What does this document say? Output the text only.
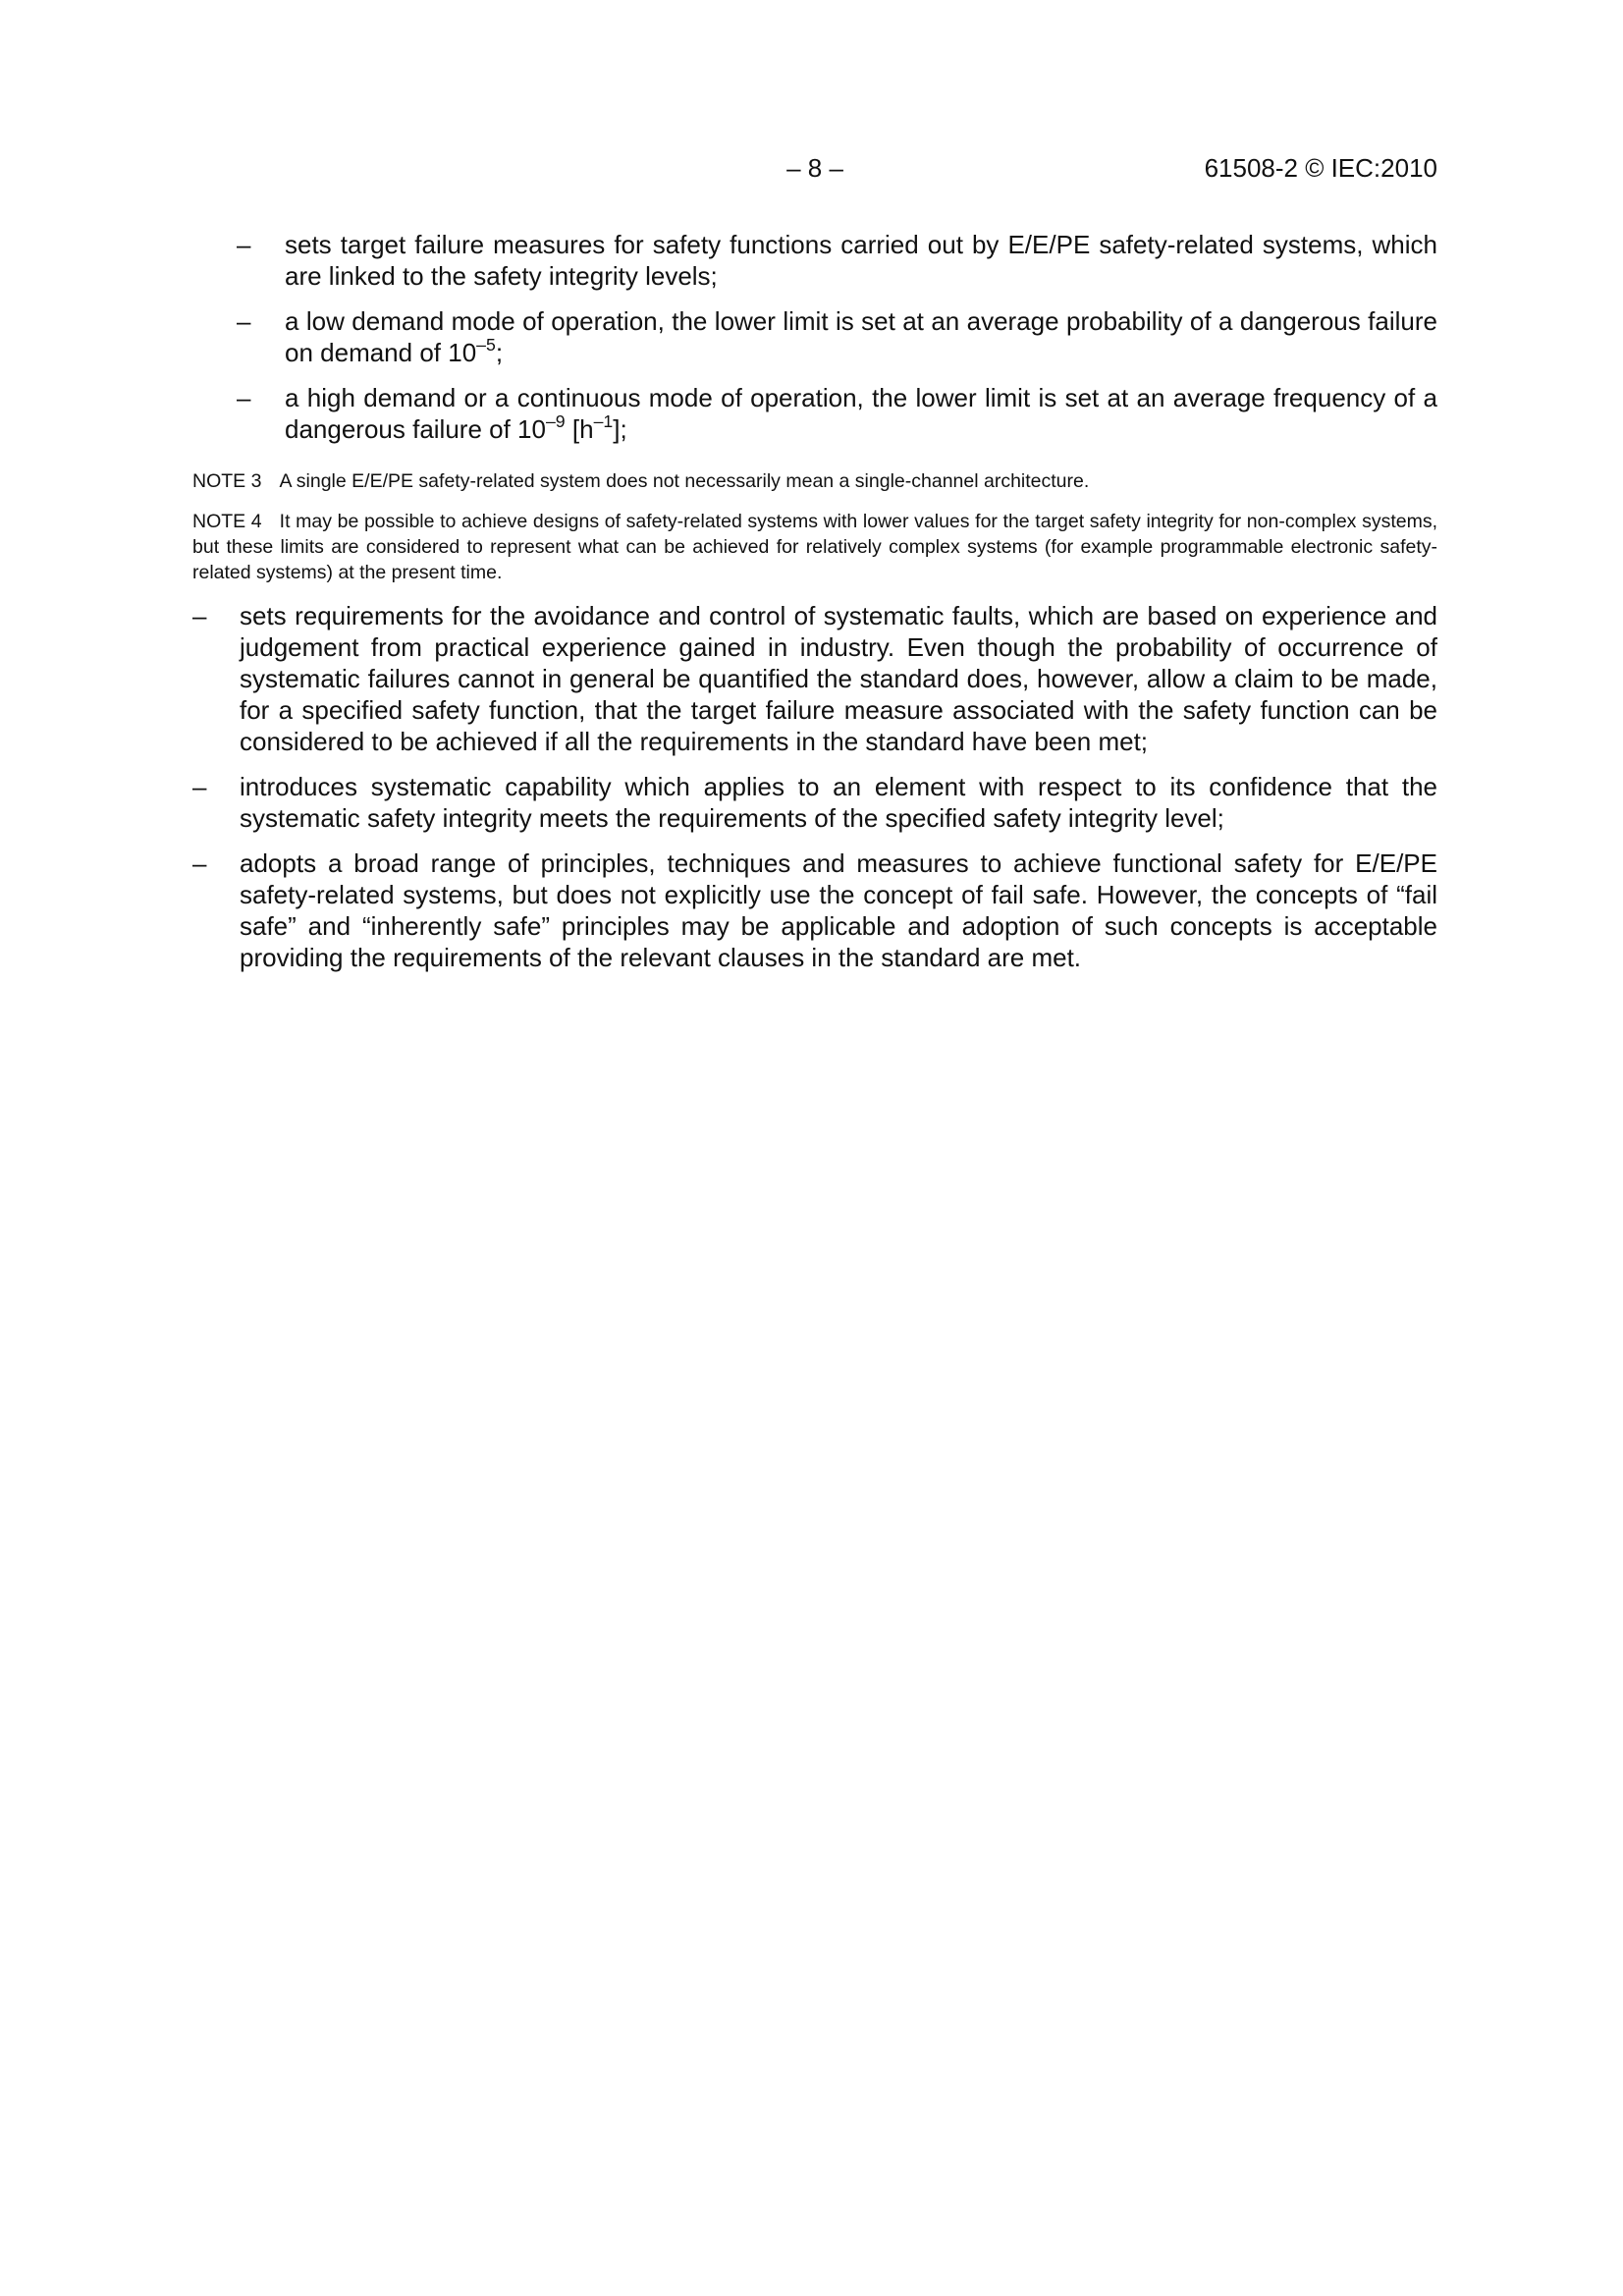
– 8 –	61508-2 © IEC:2010
– sets target failure measures for safety functions carried out by E/E/PE safety-related systems, which are linked to the safety integrity levels;
– a low demand mode of operation, the lower limit is set at an average probability of a dangerous failure on demand of $10^{-5}$;
– a high demand or a continuous mode of operation, the lower limit is set at an average frequency of a dangerous failure of $10^{-9}$ $[h^{-1}]$;

NOTE 3 A single E/E/PE safety-related system does not necessarily mean a single-channel architecture.

NOTE 4 It may be possible to achieve designs of safety-related systems with lower values for the target safety integrity for non-complex systems, but these limits are considered to represent what can be achieved for relatively complex systems (for example programmable electronic safety-related systems) at the present time.

– sets requirements for the avoidance and control of systematic faults, which are based on experience and judgement from practical experience gained in industry. Even though the probability of occurrence of systematic failures cannot in general be quantified the standard does, however, allow a claim to be made, for a specified safety function, that the target failure measure associated with the safety function can be considered to be achieved if all the requirements in the standard have been met;
– introduces systematic capability which applies to an element with respect to its confidence that the systematic safety integrity meets the requirements of the specified safety integrity level;
– adopts a broad range of principles, techniques and measures to achieve functional safety for E/E/PE safety-related systems, but does not explicitly use the concept of fail safe. However, the concepts of “fail safe” and “inherently safe” principles may be applicable and adoption of such concepts is acceptable providing the requirements of the relevant clauses in the standard are met.
